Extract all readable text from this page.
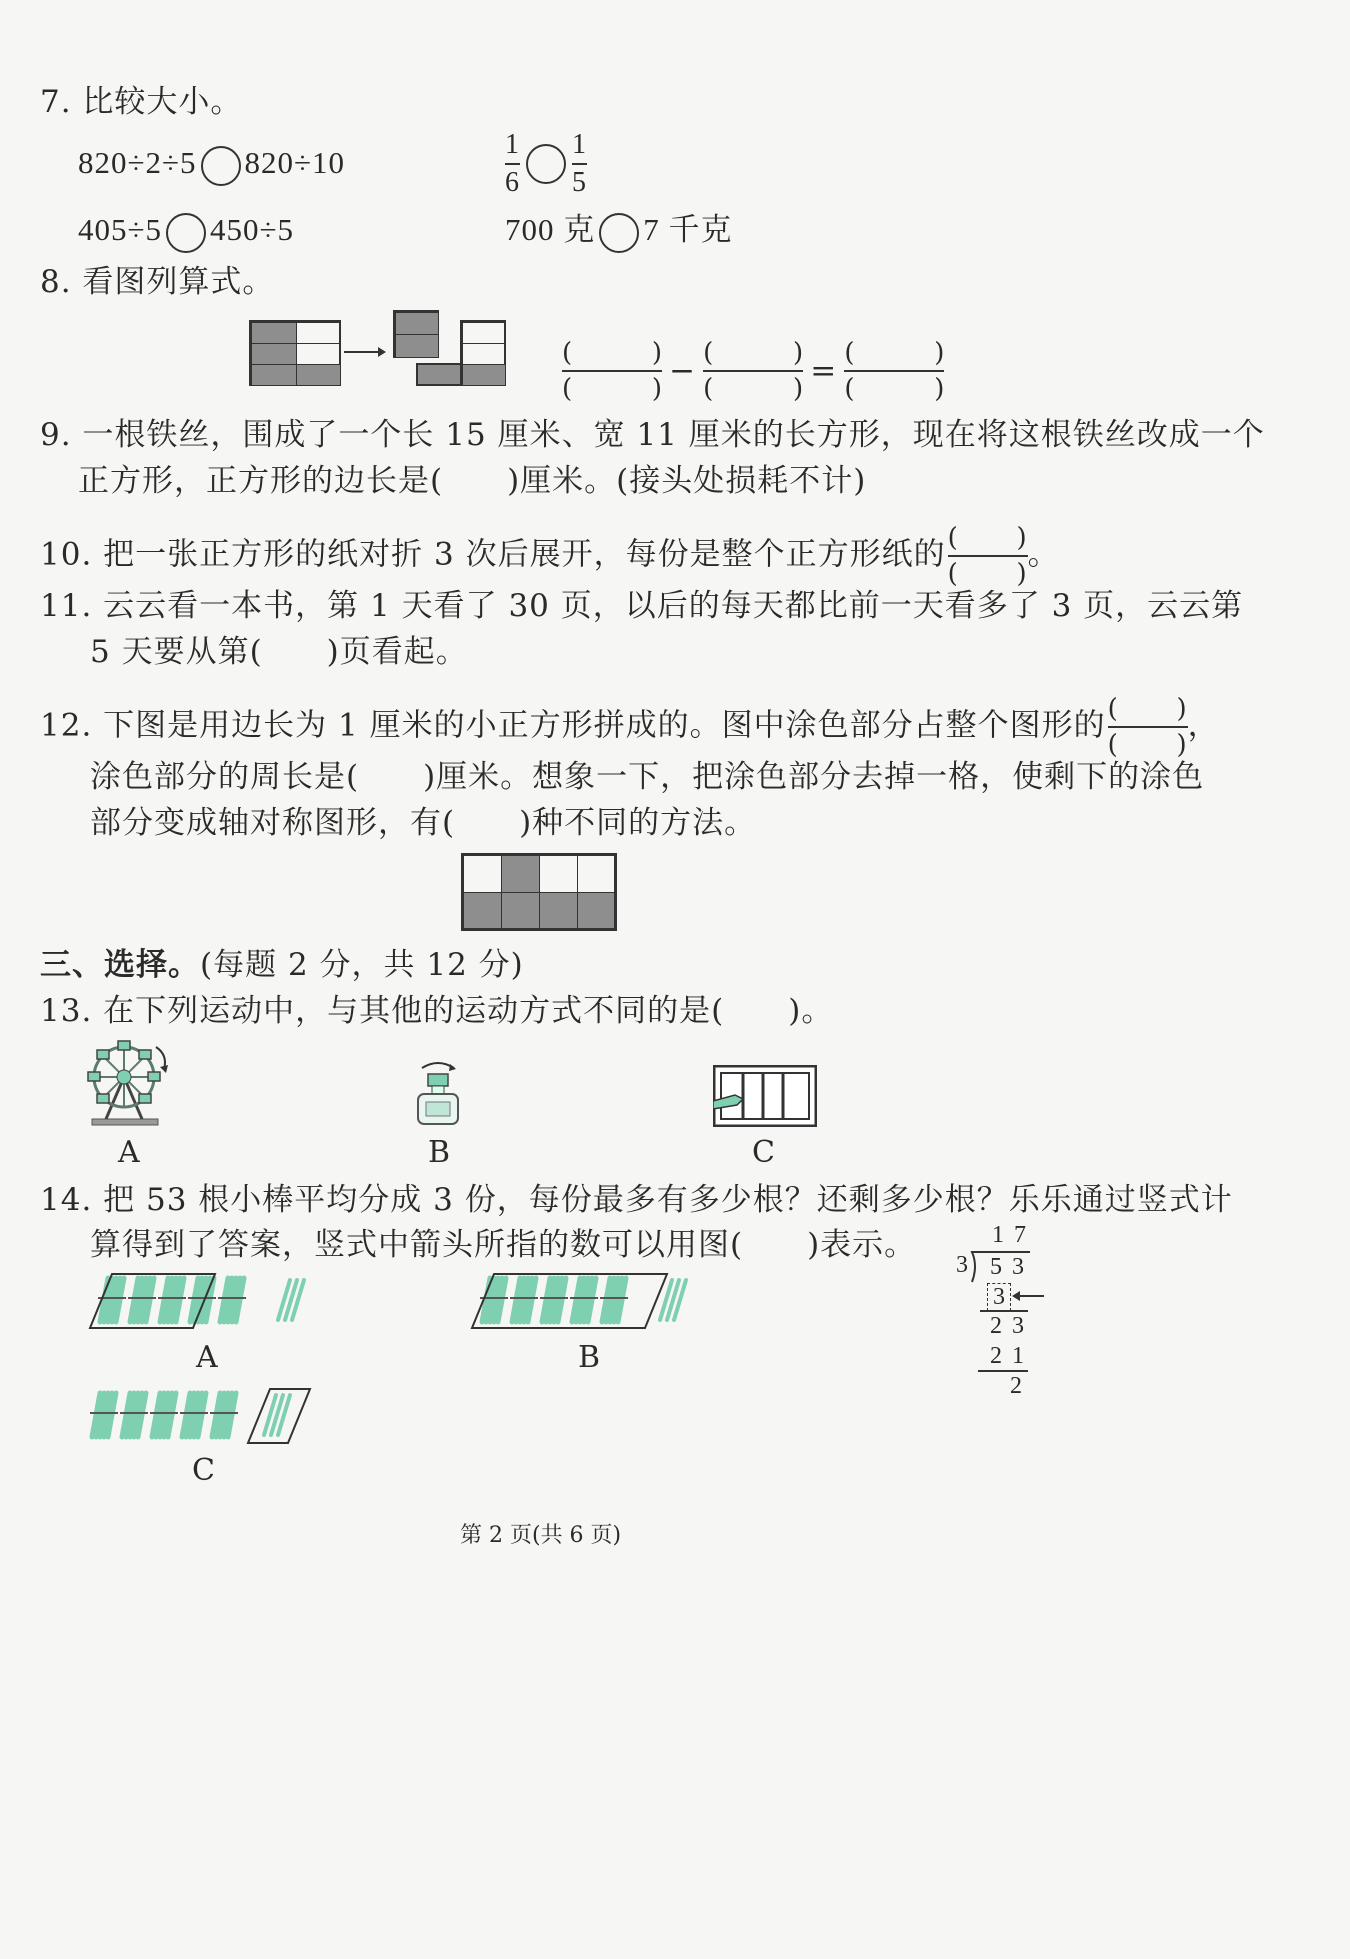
7. 比较大小。
820÷2÷5 820÷10	$\frac{1}{6} \frac{1}{5}$
405÷5 450÷5	700 克 7 千克
8. 看图列算式。
(	)
(	) − (	)
(	) = (	)
(	)
9. 一根铁丝，围成了一个长 15 厘米、宽 11 厘米的长方形，现在将这根铁丝改成一个
正方形，正方形的边长是(　　)厘米。(接头处损耗不计)
10. 把一张正方形的纸对折 3 次后展开，每份是整个正方形纸的 ( )
( )
。
11. 云云看一本书，第 1 天看了 30 页，以后的每天都比前一天看多了 3 页，云云第
5 天要从第(　　)页看起。
12. 下图是用边长为 1 厘米的小正方形拼成的。图中涂色部分占整个图形的 ( )
( )
，
涂色部分的周长是(　　)厘米。想象一下，把涂色部分去掉一格，使剩下的涂色
部分变成轴对称图形，有(　　)种不同的方法。
三、选择。(每题 2 分，共 12 分)
13. 在下列运动中，与其他的运动方式不同的是(　　)。
A	B	C
14. 把 53 根小棒平均分成 3 份，每份最多有多少根？还剩多少根？乐乐通过竖式计
算得到了答案，竖式中箭头所指的数可以用图(　　)表示。	1 7
3 5 3
3
2 3
2 1
2
A	B
C
第 2 页(共 6 页)
